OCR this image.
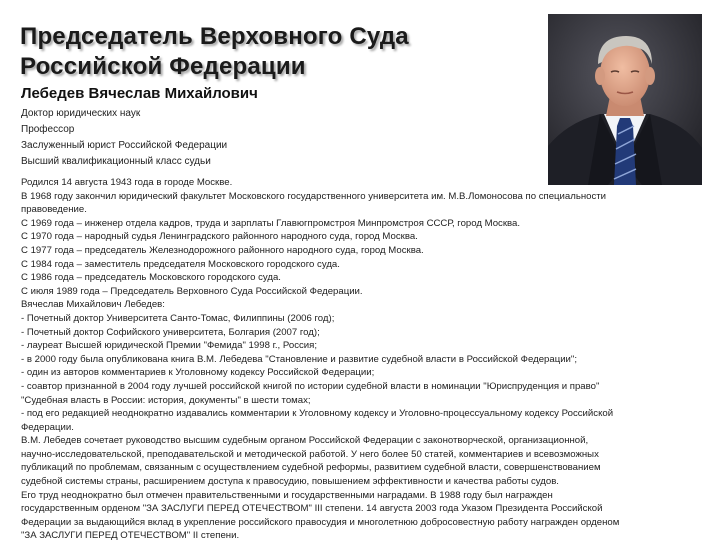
Председатель Верховного Суда
Российской Федерации
Лебедев Вячеслав Михайлович
Доктор юридических наук
Профессор
Заслуженный юрист Российской Федерации
Высший квалификационный класс судьи
Родился 14 августа 1943 года в городе Москве.
В 1968 году закончил юридический факультет Московского государственного университета им. М.В.Ломоносова по специальности
правоведение.
С 1969 года – инженер отдела кадров, труда и зарплаты Главюгпромстроя Минпромстроя СССР, город Москва.
С 1970 года – народный судья Ленинградского районного народного суда, город Москва.
С 1977 года – председатель Железнодорожного районного народного суда, город Москва.
С 1984 года – заместитель председателя Московского городского суда.
С 1986 года – председатель Московского городского суда.
С июля 1989 года – Председатель Верховного Суда Российской Федерации.
Вячеслав Михайлович Лебедев:
- Почетный доктор Университета Санто-Томас, Филиппины (2006 год);
- Почетный доктор Софийского университета, Болгария (2007 год);
- лауреат Высшей юридической Премии "Фемида" 1998 г., Россия;
- в 2000 году была опубликована книга В.М. Лебедева "Становление и развитие судебной власти в Российской Федерации";
- один из авторов комментариев к Уголовному кодексу Российской Федерации;
- соавтор признанной в 2004 году лучшей российской книгой по истории судебной власти в номинации "Юриспруденция и право"
"Судебная власть в России: история, документы" в шести томах;
- под его редакцией неоднократно издавались комментарии к Уголовному кодексу и Уголовно-процессуальному кодексу Российской
Федерации.
В.М. Лебедев сочетает руководство высшим судебным органом Российской Федерации с законотворческой, организационной,
научно-исследовательской, преподавательской и методической работой. У него более 50 статей, комментариев и всевозможных
публикаций по проблемам, связанным с осуществлением судебной реформы, развитием судебной власти, совершенствованием
судебной системы страны, расширением доступа к правосудию, повышением эффективности и качества работы судов.
Его труд неоднократно был отмечен правительственными и государственными наградами. В 1988 году был награжден
государственным орденом "ЗА ЗАСЛУГИ ПЕРЕД ОТЕЧЕСТВОМ" III степени. 14 августа 2003 года Указом Президента Российской
Федерации за выдающийся вклад в укрепление российского правосудия и многолетнюю добросовестную работу награжден орденом
"ЗА ЗАСЛУГИ ПЕРЕД ОТЕЧЕСТВОМ" II степени.
